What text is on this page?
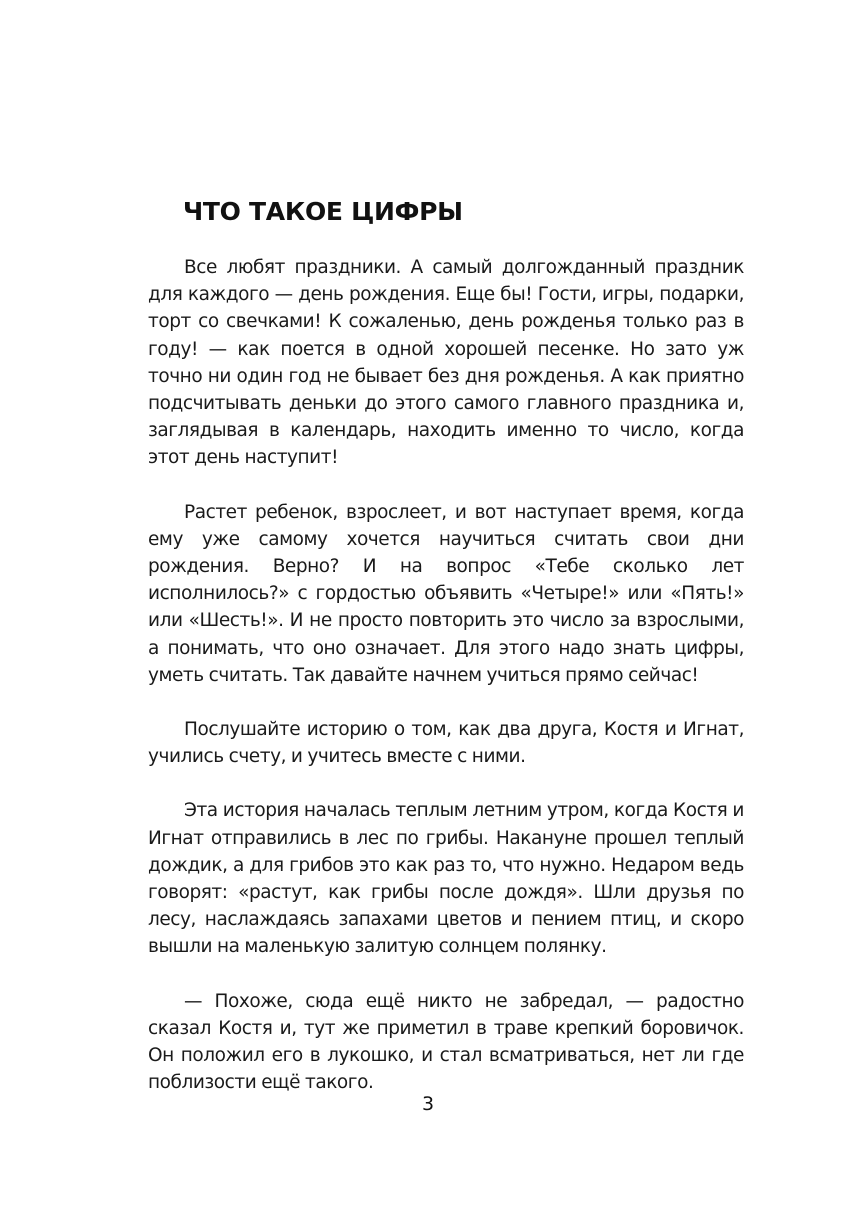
ЧТО ТАКОЕ ЦИФРЫ

Все любят праздники. А самый долгожданный праздник для каждого — день рождения. Еще бы! Гости, игры, подарки, торт со свечками! К сожаленью, день рожденья только раз в году! — как поется в одной хорошей песенке. Но зато уж точно ни один год не бывает без дня рожденья. А как приятно подсчитывать деньки до этого самого главного праздника и, заглядывая в календарь, находить именно то число, когда этот день наступит!

Растет ребенок, взрослеет, и вот наступает время, когда ему уже самому хочется научиться считать свои дни рождения. Верно? И на вопрос «Тебе сколько лет исполнилось?» с гордостью объявить «Четыре!» или «Пять!» или «Шесть!». И не просто повторить это число за взрослыми, а понимать, что оно означает. Для этого надо знать цифры, уметь считать. Так давайте начнем учиться прямо сейчас!

Послушайте историю о том, как два друга, Костя и Игнат, учились счету, и учитесь вместе с ними.

Эта история началась теплым летним утром, когда Костя и Игнат отправились в лес по грибы. Накануне прошел теплый дождик, а для грибов это как раз то, что нужно. Недаром ведь говорят: «растут, как грибы после дождя». Шли друзья по лесу, наслаждаясь запахами цветов и пением птиц, и скоро вышли на маленькую залитую солнцем полянку.

— Похоже, сюда ещё никто не забредал, — радостно сказал Костя и, тут же приметил в траве крепкий боровичок. Он положил его в лукошко, и стал всматриваться, нет ли где поблизости ещё такого.

3
